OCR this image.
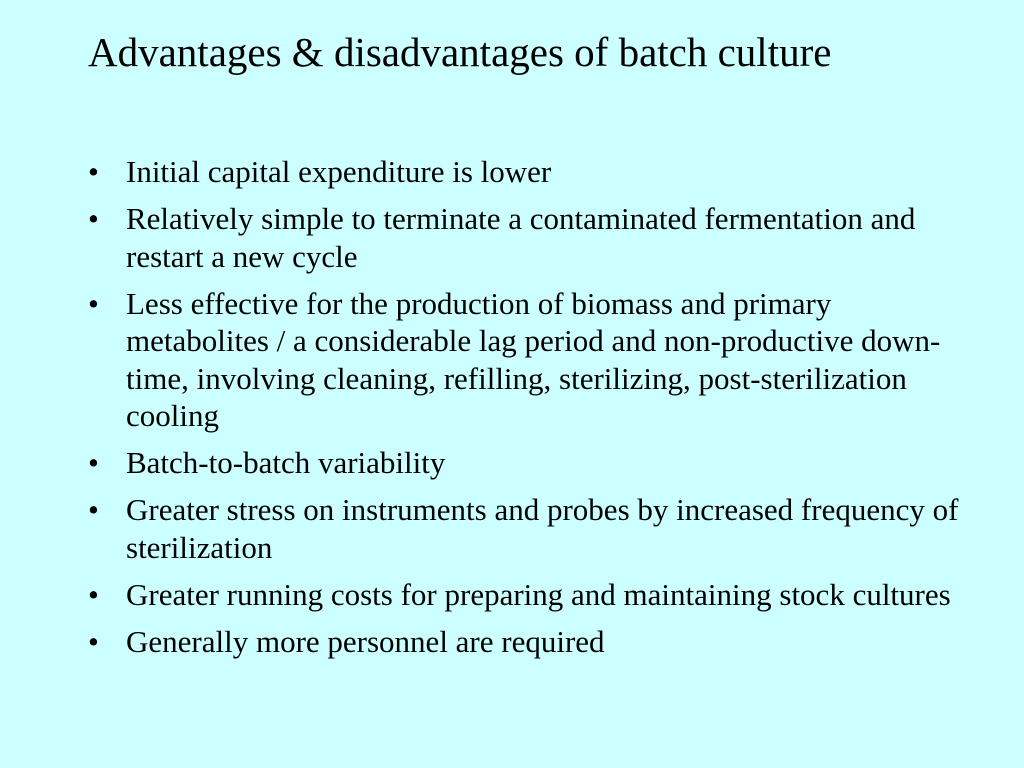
Advantages & disadvantages of batch culture
• Initial capital expenditure is lower
• Relatively simple to terminate a contaminated fermentation and restart a new cycle
• Less effective for the production of biomass and primary metabolites / a considerable lag period and non-productive down-time, involving cleaning, refilling, sterilizing, post-sterilization cooling
• Batch-to-batch variability
• Greater stress on instruments and probes by increased frequency of sterilization
• Greater running costs for preparing and maintaining stock cultures
• Generally more personnel are required
